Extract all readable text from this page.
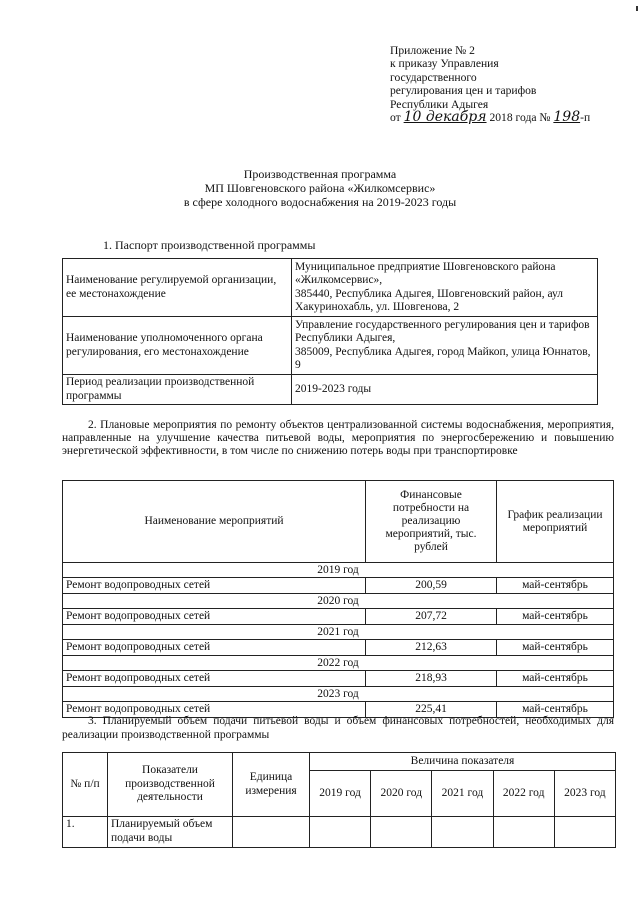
Приложение № 2
к приказу Управления
государственного
регулирования цен и тарифов
Республики Адыгея
от 10 декабря 2018 года № 198-п
Производственная программа
МП Шовгеновского района «Жилкомсервис»
в сфере холодного водоснабжения на 2019-2023 годы
1. Паспорт производственной программы
Наименование регулируемой организации, ее местонахождение	Муниципальное предприятие Шовгеновского района «Жилкомсервис»,
385440, Республика Адыгея, Шовгеновский район, аул Хакуринохабль, ул. Шовгенова, 2

Наименование уполномоченного органа регулирования, его местонахождение	Управление государственного регулирования цен и тарифов Республики Адыгея,
385009, Республика Адыгея, город Майкоп, улица Юннатов, 9

Период реализации производственной программы	2019-2023 годы
2. Плановые мероприятия по ремонту объектов централизованной системы водоснабжения, мероприятия, направленные на улучшение качества питьевой воды, мероприятия по энергосбережению и повышению энергетической эффективности, в том числе по снижению потерь воды при транспортировке
Наименование мероприятий	Финансовые потребности на реализацию мероприятий, тыс. рублей	График реализации мероприятий
2019 год		
Ремонт водопроводных сетей	200,59	май-сентябрь
2020 год		
Ремонт водопроводных сетей	207,72	май-сентябрь
2021 год		
Ремонт водопроводных сетей	212,63	май-сентябрь
2022 год		
Ремонт водопроводных сетей	218,93	май-сентябрь
2023 год		
Ремонт водопроводных сетей	225,41	май-сентябрь
3. Планируемый объем подачи питьевой воды и объем финансовых потребностей, необходимых для реализации производственной программы
№ п/п	Показатели производственной деятельности	Единица измерения	Величина показателя				
			2019 год	2020 год	2021 год	2022 год	2023 год
1.	Планируемый объем подачи воды						
